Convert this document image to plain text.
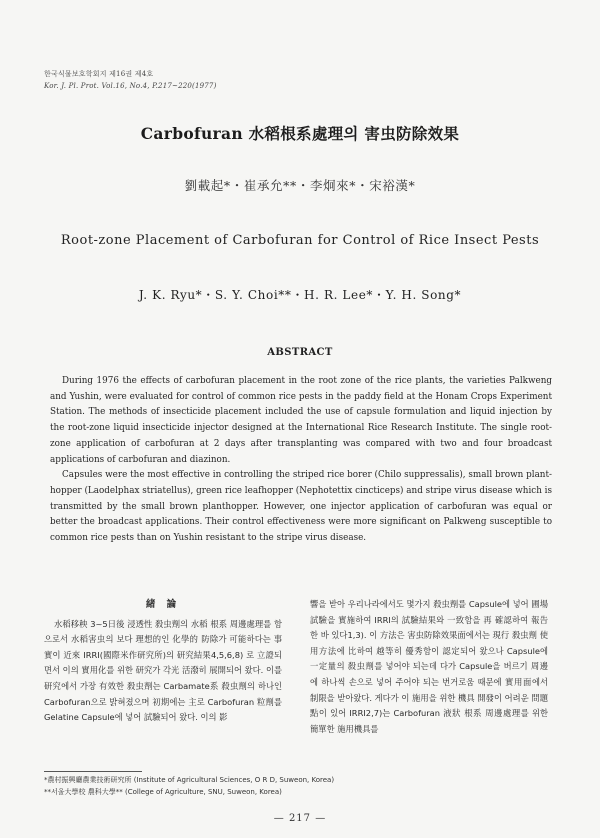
한국식물보호학회지 제16권 제4호
Kor. J. Pl. Prot. Vol.16, No.4, P.217~220(1977)
Carbofuran 水稻根系處理의 害虫防除效果
劉載起*・崔承允**・李炯來*・宋裕漢*
Root-zone Placement of Carbofuran for Control of Rice Insect Pests
J. K. Ryu*・S. Y. Choi**・H. R. Lee*・Y. H. Song*
ABSTRACT

During 1976 the effects of carbofuran placement in the root zone of the rice plants, the varieties Palkweng and Yushin, were evaluated for control of common rice pests in the paddy field at the Honam Crops Experiment Station. The methods of insecticide placement included the use of capsule formulation and liquid injection by the root-zone liquid insecticide injector designed at the International Rice Research Institute. The single root-zone application of carbofuran at 2 days after transplanting was compared with two and four broadcast applications of carbofuran and diazinon.

Capsules were the most effective in controlling the striped rice borer (Chilo suppressalis), small brown plant-hopper (Laodelphax striatellus), green rice leafhopper (Nephotettix cincticeps) and stripe virus disease which is transmitted by the small brown planthopper. However, one injector application of carbofuran was equal or better the broadcast applications. Their control effectiveness were more significant on Palkweng susceptible to common rice pests than on Yushin resistant to the stripe virus disease.

緒 論
水稻移秧 3~5日後 浸透性 殺虫劑의 水稻 根系 周邊處理를 함으로서 水稻害虫의 보다 理想的인 化學的 防除가 可能하다는 事實이 近來 IRRI(國際米作研究所)의 研究結果4,5,6,8) 로 立證되면서 이의 實用化를 위한 研究가 각光 活潑히 展開되어 왔다. 이를 研究에서 가장 有效한 殺虫劑는 Carbamate系 殺虫劑의 하나인 Carbofuran으로 밝혀졌으며 初期에는 主로 Carbofuran 粒劑를 Gelatine Capsule에 넣어 試驗되어 왔다. 이의 影
響을 받아 우리나라에서도 몇가지 殺虫劑를 Capsule에 넣어 圃場試驗을 實施하여 IRRI의 試驗結果와 一致함을 再 確認하여 報告한 바 있다1,3). 이 方法은 害虫防除效果面에서는 現行 殺虫劑 使用方法에 比하여 越等히 優秀함이 認定되어 왔으나 Capsule에 一定量의 殺虫劑를 넣어야 되는데 다가 Capsule을 버르기 周邊에 하나씩 손으로 넣어 주어야 되는 번거로움 때문에 實用面에서 制限을 받아왔다. 게다가 이 施用을 위한 機具 開發이 어려운 問題點이 있어 IRRI2,7)는 Carbofuran 液狀 根系 周邊處理를 위한 簡單한 施用機具를
*農村振興廳農業技術研究所 (Institute of Agricultural Sciences, O R D, Suweon, Korea)
**서울大學校 農科大學** (College of Agriculture, SNU, Suweon, Korea)
— 217 —
